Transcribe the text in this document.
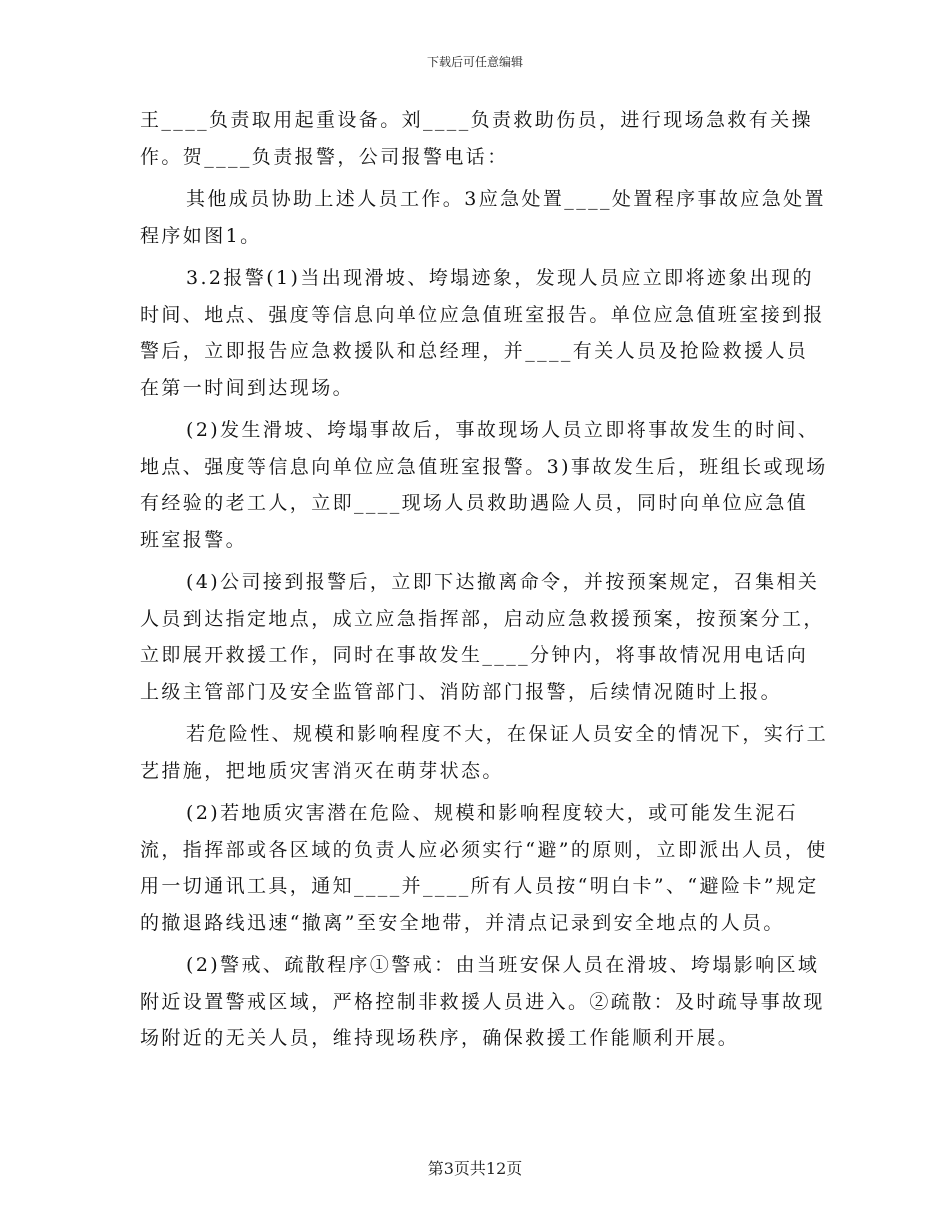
下载后可任意编辑

王____负责取用起重设备。刘____负责救助伤员，进行现场急救有关操作。贺____负责报警，公司报警电话：

其他成员协助上述人员工作。3应急处置____处置程序事故应急处置程序如图1。

3.2报警(1)当出现滑坡、垮塌迹象，发现人员应立即将迹象出现的时间、地点、强度等信息向单位应急值班室报告。单位应急值班室接到报警后，立即报告应急救援队和总经理，并____有关人员及抢险救援人员在第一时间到达现场。

(2)发生滑坡、垮塌事故后，事故现场人员立即将事故发生的时间、地点、强度等信息向单位应急值班室报警。3)事故发生后，班组长或现场有经验的老工人，立即____现场人员救助遇险人员，同时向单位应急值班室报警。

(4)公司接到报警后，立即下达撤离命令，并按预案规定，召集相关人员到达指定地点，成立应急指挥部，启动应急救援预案，按预案分工，立即展开救援工作，同时在事故发生____分钟内，将事故情况用电话向上级主管部门及安全监管部门、消防部门报警，后续情况随时上报。

若危险性、规模和影响程度不大，在保证人员安全的情况下，实行工艺措施，把地质灾害消灭在萌芽状态。

(2)若地质灾害潜在危险、规模和影响程度较大，或可能发生泥石流，指挥部或各区域的负责人应必须实行“避”的原则，立即派出人员，使用一切通讯工具，通知____并____所有人员按“明白卡”、“避险卡”规定的撤退路线迅速“撤离”至安全地带，并清点记录到安全地点的人员。

(2)警戒、疏散程序①警戒：由当班安保人员在滑坡、垮塌影响区域附近设置警戒区域，严格控制非救援人员进入。②疏散：及时疏导事故现场附近的无关人员，维持现场秩序，确保救援工作能顺利开展。

第3页共12页
